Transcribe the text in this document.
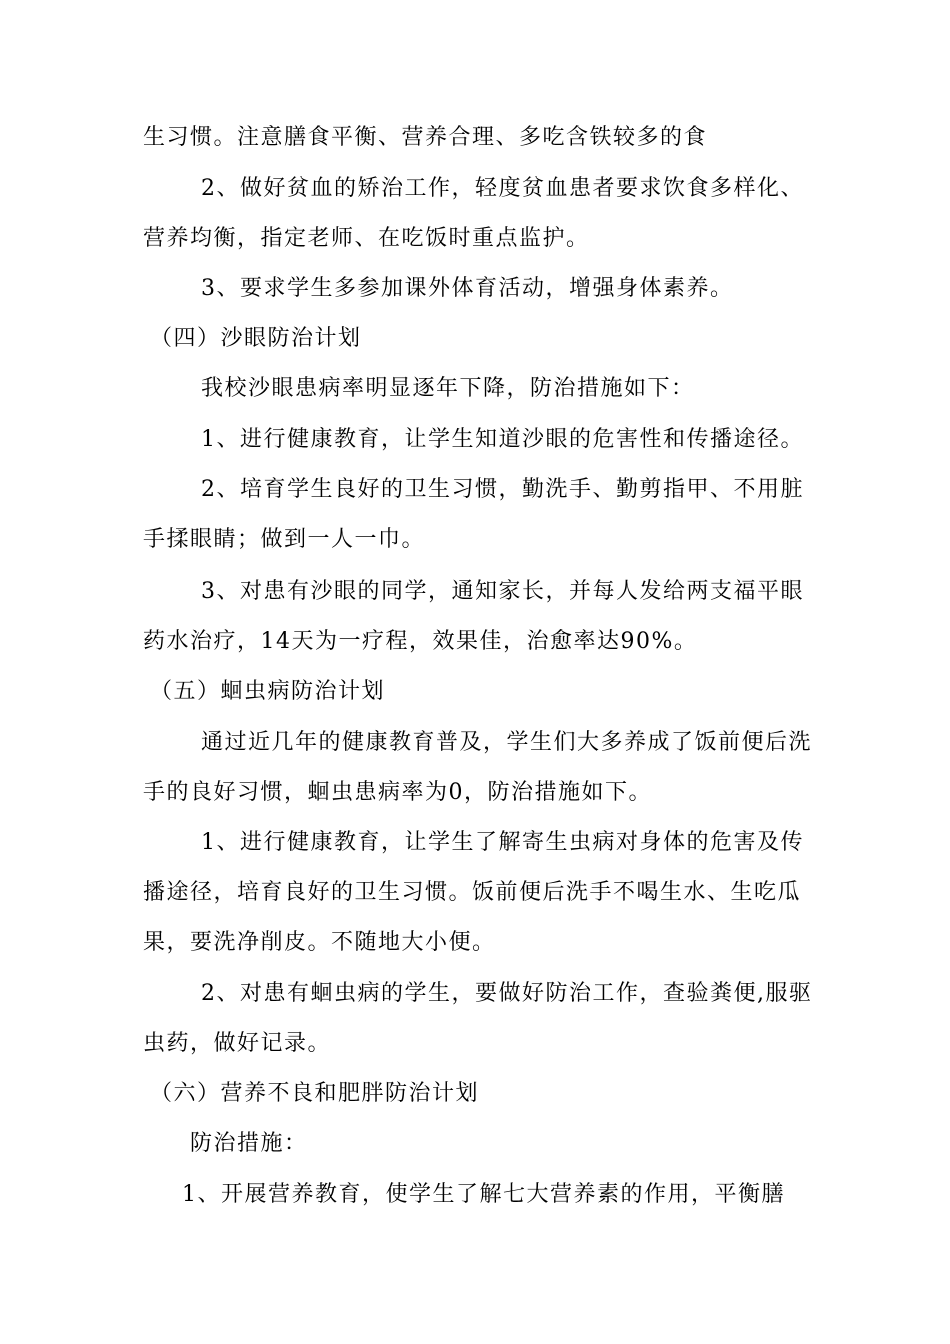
生习惯。注意膳食平衡、营养合理、多吃含铁较多的食
2、做好贫血的矫治工作，轻度贫血患者要求饮食多样化、
营养均衡，指定老师、在吃饭时重点监护。
3、要求学生多参加课外体育活动，增强身体素养。
（四）沙眼防治计划
我校沙眼患病率明显逐年下降，防治措施如下：
1、进行健康教育，让学生知道沙眼的危害性和传播途径。
2、培育学生良好的卫生习惯，勤洗手、勤剪指甲、不用脏
手揉眼睛；做到一人一巾。
3、对患有沙眼的同学，通知家长，并每人发给两支福平眼
药水治疗，14天为一疗程，效果佳，治愈率达90%。
（五）蛔虫病防治计划
通过近几年的健康教育普及，学生们大多养成了饭前便后洗
手的良好习惯，蛔虫患病率为0，防治措施如下。
1、进行健康教育，让学生了解寄生虫病对身体的危害及传
播途径，培育良好的卫生习惯。饭前便后洗手不喝生水、生吃瓜
果，要洗净削皮。不随地大小便。
2、对患有蛔虫病的学生，要做好防治工作，查验粪便,服驱
虫药，做好记录。
（六）营养不良和肥胖防治计划
防治措施：
1、开展营养教育，使学生了解七大营养素的作用，平衡膳
